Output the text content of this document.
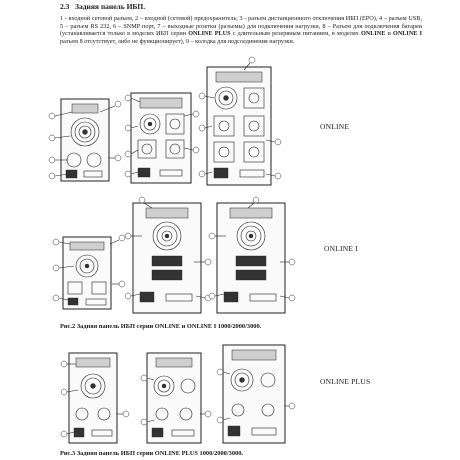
2.3 Задняя панель ИБП.

1 - входной сетевой разъем, 2 – входной (сетевой) предохранитель, 3 - разъем дистанционного отключения ИБП (EPO), 4 – разъем USB, 5 – разъем RS 232, 6 – SNMP порт, 7 – выходные розетки (разъемы) для подключения нагрузки, 8 – Разъем для подключения батареи (устанавливается только в моделях ИБП серии ONLINE PLUS с длительным резервным питанием, в моделях ONLINE и ONLINE I разъем 8 отсутствует, либо не функционирует), 9 – колодка для подсоединения нагрузки.

ONLINE
ONLINE I
Рис.2 Задняя панель ИБП серии ONLINE и ONLINE I 1000/2000/3000.
ONLINE PLUS
Рис.3 Задняя панель ИБП серии ONLINE PLUS 1000/2000/3000.
